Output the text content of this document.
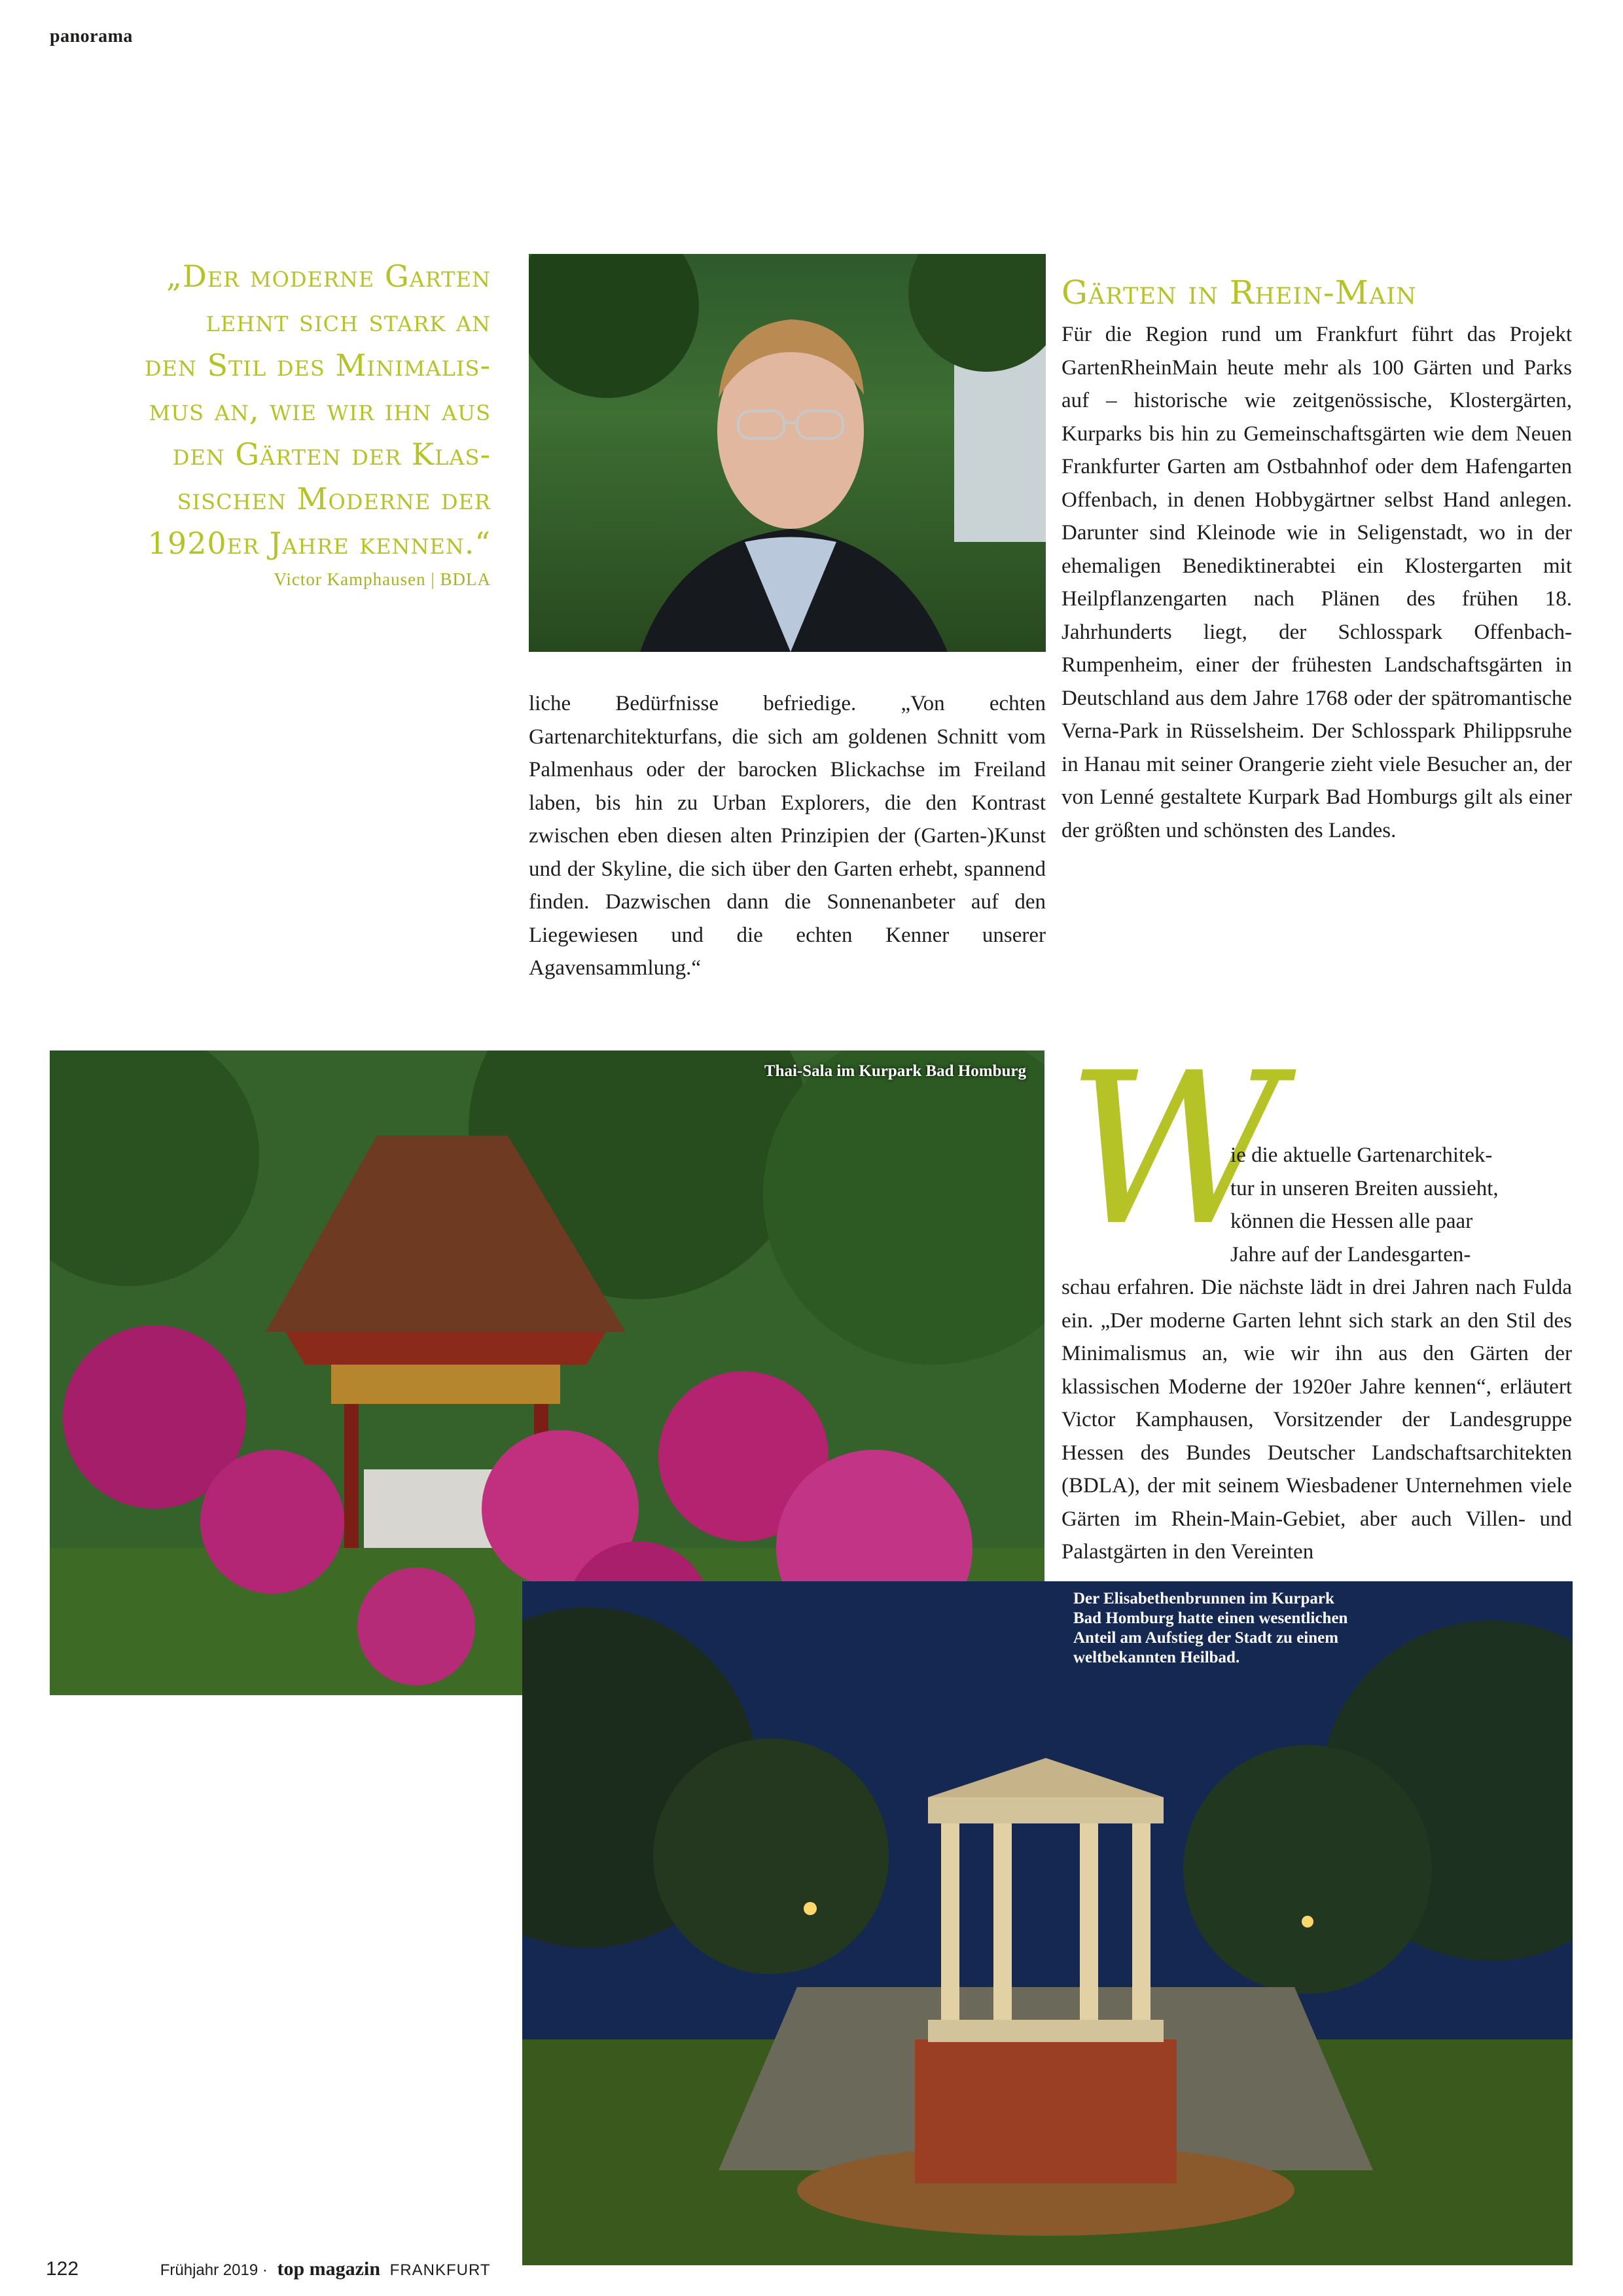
panorama
„Der moderne Garten
lehnt sich stark an
den Stil des Minimalis-
mus an, wie wir ihn aus
den Gärten der Klas-
sischen Moderne der
1920er Jahre kennen.“
Victor Kamphausen | BDLA
liche Bedürfnisse befriedige. „Von echten Gartenarchitekturfans, die sich am goldenen Schnitt vom Palmenhaus oder der barocken Blickachse im Freiland laben, bis hin zu Urban Explorers, die den Kontrast zwischen eben diesen alten Prinzipien der (Garten-)Kunst und der Skyline, die sich über den Garten erhebt, spannend finden. Dazwischen dann die Sonnenanbeter auf den Liegewiesen und die echten Kenner unserer Agavensammlung.“
Gärten in Rhein-Main
Für die Region rund um Frankfurt führt das Projekt GartenRheinMain heute mehr als 100 Gärten und Parks auf – historische wie zeitgenössische, Klostergärten, Kurparks bis hin zu Gemeinschaftsgärten wie dem Neuen Frankfurter Garten am Ostbahnhof oder dem Hafengarten Offenbach, in denen Hobbygärtner selbst Hand anlegen. Darunter sind Kleinode wie in Seligenstadt, wo in der ehemaligen Benediktinerabtei ein Klostergarten mit Heilpflanzengarten nach Plänen des frühen 18. Jahrhunderts liegt, der Schlosspark Offenbach-Rumpenheim, einer der frühesten Landschaftsgärten in Deutschland aus dem Jahre 1768 oder der spätromantische Verna-Park in Rüsselsheim. Der Schlosspark Philippsruhe in Hanau mit seiner Orangerie zieht viele Besucher an, der von Lenné gestaltete Kurpark Bad Homburgs gilt als einer der größten und schönsten des Landes.
Thai-Sala im Kurpark Bad Homburg W
ie die aktuelle Gartenarchitek-
tur in unseren Breiten aussieht,
können die Hessen alle paar
Jahre auf der Landesgarten-
schau erfahren. Die nächste lädt in drei Jahren nach Fulda ein. „Der moderne Garten lehnt sich stark an den Stil des Minimalismus an, wie wir ihn aus den Gärten der klassischen Moderne der 1920er Jahre kennen“, erläutert Victor Kamphausen, Vorsitzender der Landesgruppe Hessen des Bundes Deutscher Landschaftsarchitekten (BDLA), der mit seinem Wiesbadener Unternehmen viele Gärten im Rhein-Main-Gebiet, aber auch Villen- und Palastgärten in den Vereinten
Der Elisabethenbrunnen im Kurpark Bad Homburg hatte einen wesentlichen Anteil am Aufstieg der Stadt zu einem weltbekannten Heilbad.
122	Frühjahr 2019 · top magazin FRANKFURT
